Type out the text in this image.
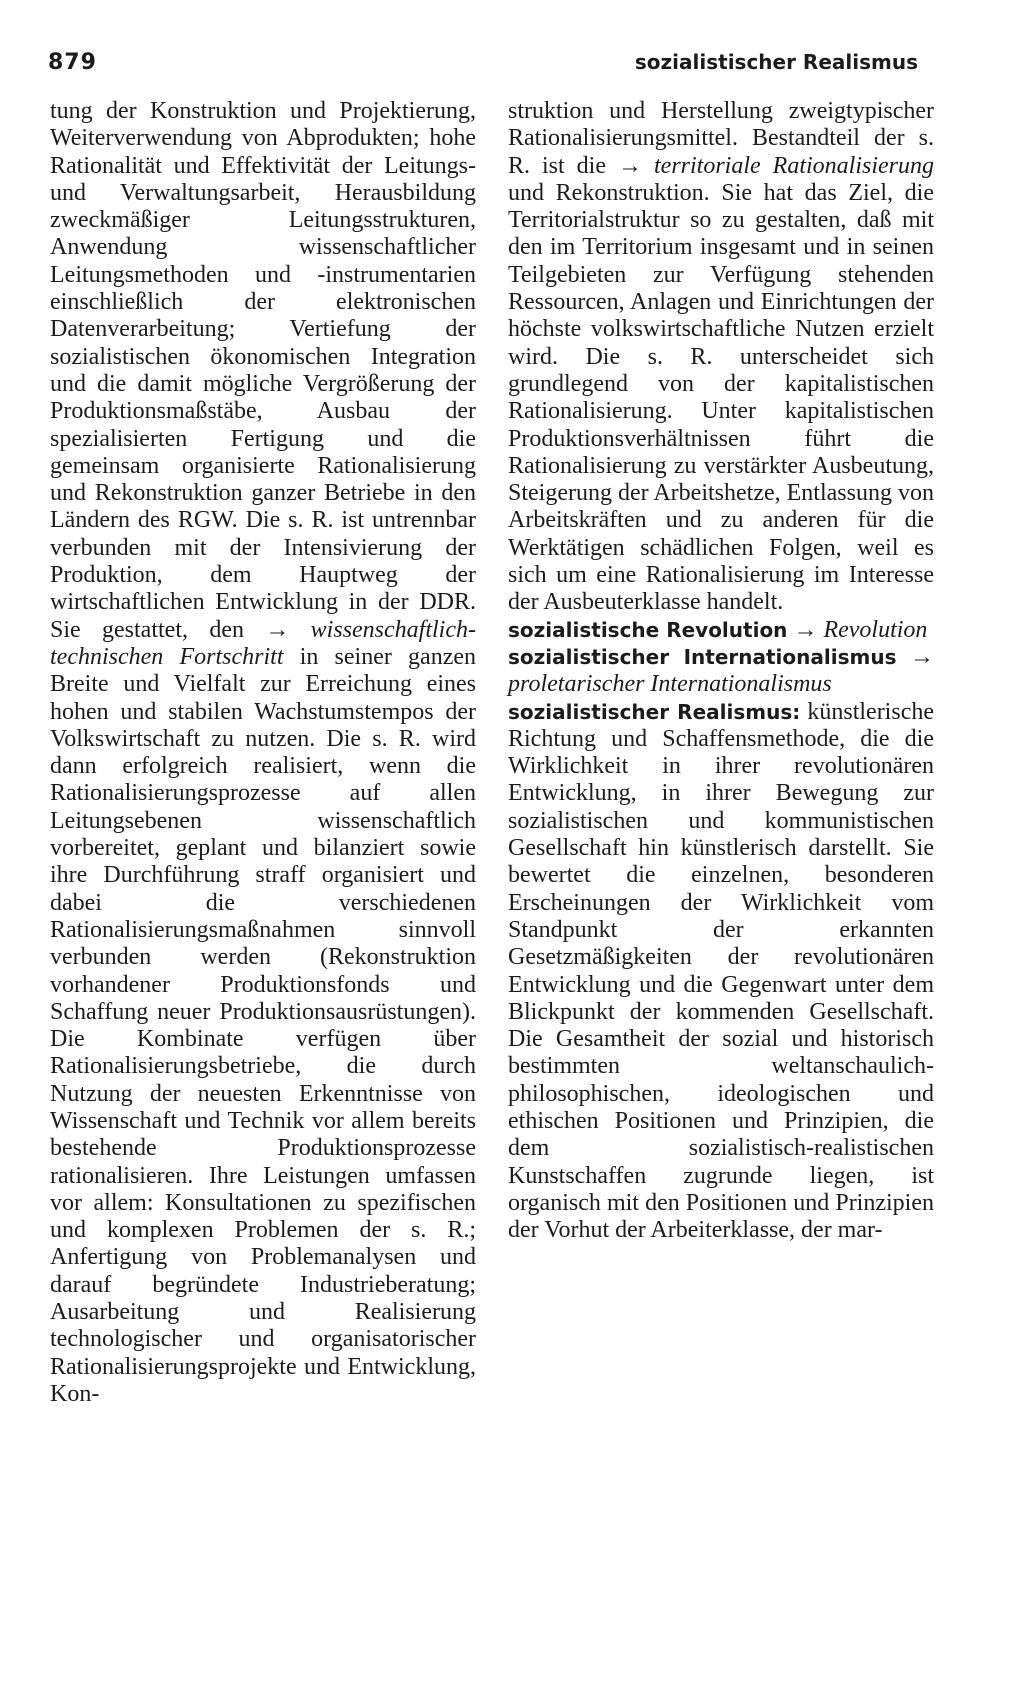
879	sozialistischer Realismus

tung der Konstruktion und Projektierung, Weiterverwendung von Abprodukten; hohe Rationalität und Effektivität der Leitungs- und Verwaltungsarbeit, Herausbildung zweckmäßiger Leitungsstrukturen, Anwendung wissenschaftlicher Leitungsmethoden und -instrumentarien einschließlich der elektronischen Datenverarbeitung; Vertiefung der sozialistischen ökonomischen Integration und die damit mögliche Vergrößerung der Produktionsmaßstäbe, Ausbau der spezialisierten Fertigung und die gemeinsam organisierte Rationalisierung und Rekonstruktion ganzer Betriebe in den Ländern des RGW. Die s. R. ist untrennbar verbunden mit der Intensivierung der Produktion, dem Hauptweg der wirtschaftlichen Entwicklung in der DDR. Sie gestattet, den → wissenschaftlich-technischen Fortschritt in seiner ganzen Breite und Vielfalt zur Erreichung eines hohen und stabilen Wachstumstempos der Volkswirtschaft zu nutzen. Die s. R. wird dann erfolgreich realisiert, wenn die Rationalisierungsprozesse auf allen Leitungsebenen wissenschaftlich vorbereitet, geplant und bilanziert sowie ihre Durchführung straff organisiert und dabei die verschiedenen Rationalisierungsmaßnahmen sinnvoll verbunden werden (Rekonstruktion vorhandener Produktionsfonds und Schaffung neuer Produktionsausrüstungen). Die Kombinate verfügen über Rationalisierungsbetriebe, die durch Nutzung der neuesten Erkenntnisse von Wissenschaft und Technik vor allem bereits bestehende Produktionsprozesse rationalisieren. Ihre Leistungen umfassen vor allem: Konsultationen zu spezifischen und komplexen Problemen der s. R.; Anfertigung von Problemanalysen und darauf begründete Industrieberatung; Ausarbeitung und Realisierung technologischer und organisatorischer Rationalisierungsprojekte und Entwicklung, Kon-

struktion und Herstellung zweigtypischer Rationalisierungsmittel. Bestandteil der s. R. ist die → territoriale Rationalisierung und Rekonstruktion. Sie hat das Ziel, die Territorialstruktur so zu gestalten, daß mit den im Territorium insgesamt und in seinen Teilgebieten zur Verfügung stehenden Ressourcen, Anlagen und Einrichtungen der höchste volkswirtschaftliche Nutzen erzielt wird. Die s. R. unterscheidet sich grundlegend von der kapitalistischen Rationalisierung. Unter kapitalistischen Produktionsverhältnissen führt die Rationalisierung zu verstärkter Ausbeutung, Steigerung der Arbeitshetze, Entlassung von Arbeitskräften und zu anderen für die Werktätigen schädlichen Folgen, weil es sich um eine Rationalisierung im Interesse der Ausbeuterklasse handelt.

sozialistische Revolution → Revolution

sozialistischer Internationalismus → proletarischer Internationalismus

sozialistischer Realismus: künstlerische Richtung und Schaffensmethode, die die Wirklichkeit in ihrer revolutionären Entwicklung, in ihrer Bewegung zur sozialistischen und kommunistischen Gesellschaft hin künstlerisch darstellt. Sie bewertet die einzelnen, besonderen Erscheinungen der Wirklichkeit vom Standpunkt der erkannten Gesetzmäßigkeiten der revolutionären Entwicklung und die Gegenwart unter dem Blickpunkt der kommenden Gesellschaft. Die Gesamtheit der sozial und historisch bestimmten weltanschaulich-philosophischen, ideologischen und ethischen Positionen und Prinzipien, die dem sozialistisch-realistischen Kunstschaffen zugrunde liegen, ist organisch mit den Positionen und Prinzipien der Vorhut der Arbeiterklasse, der mar-
